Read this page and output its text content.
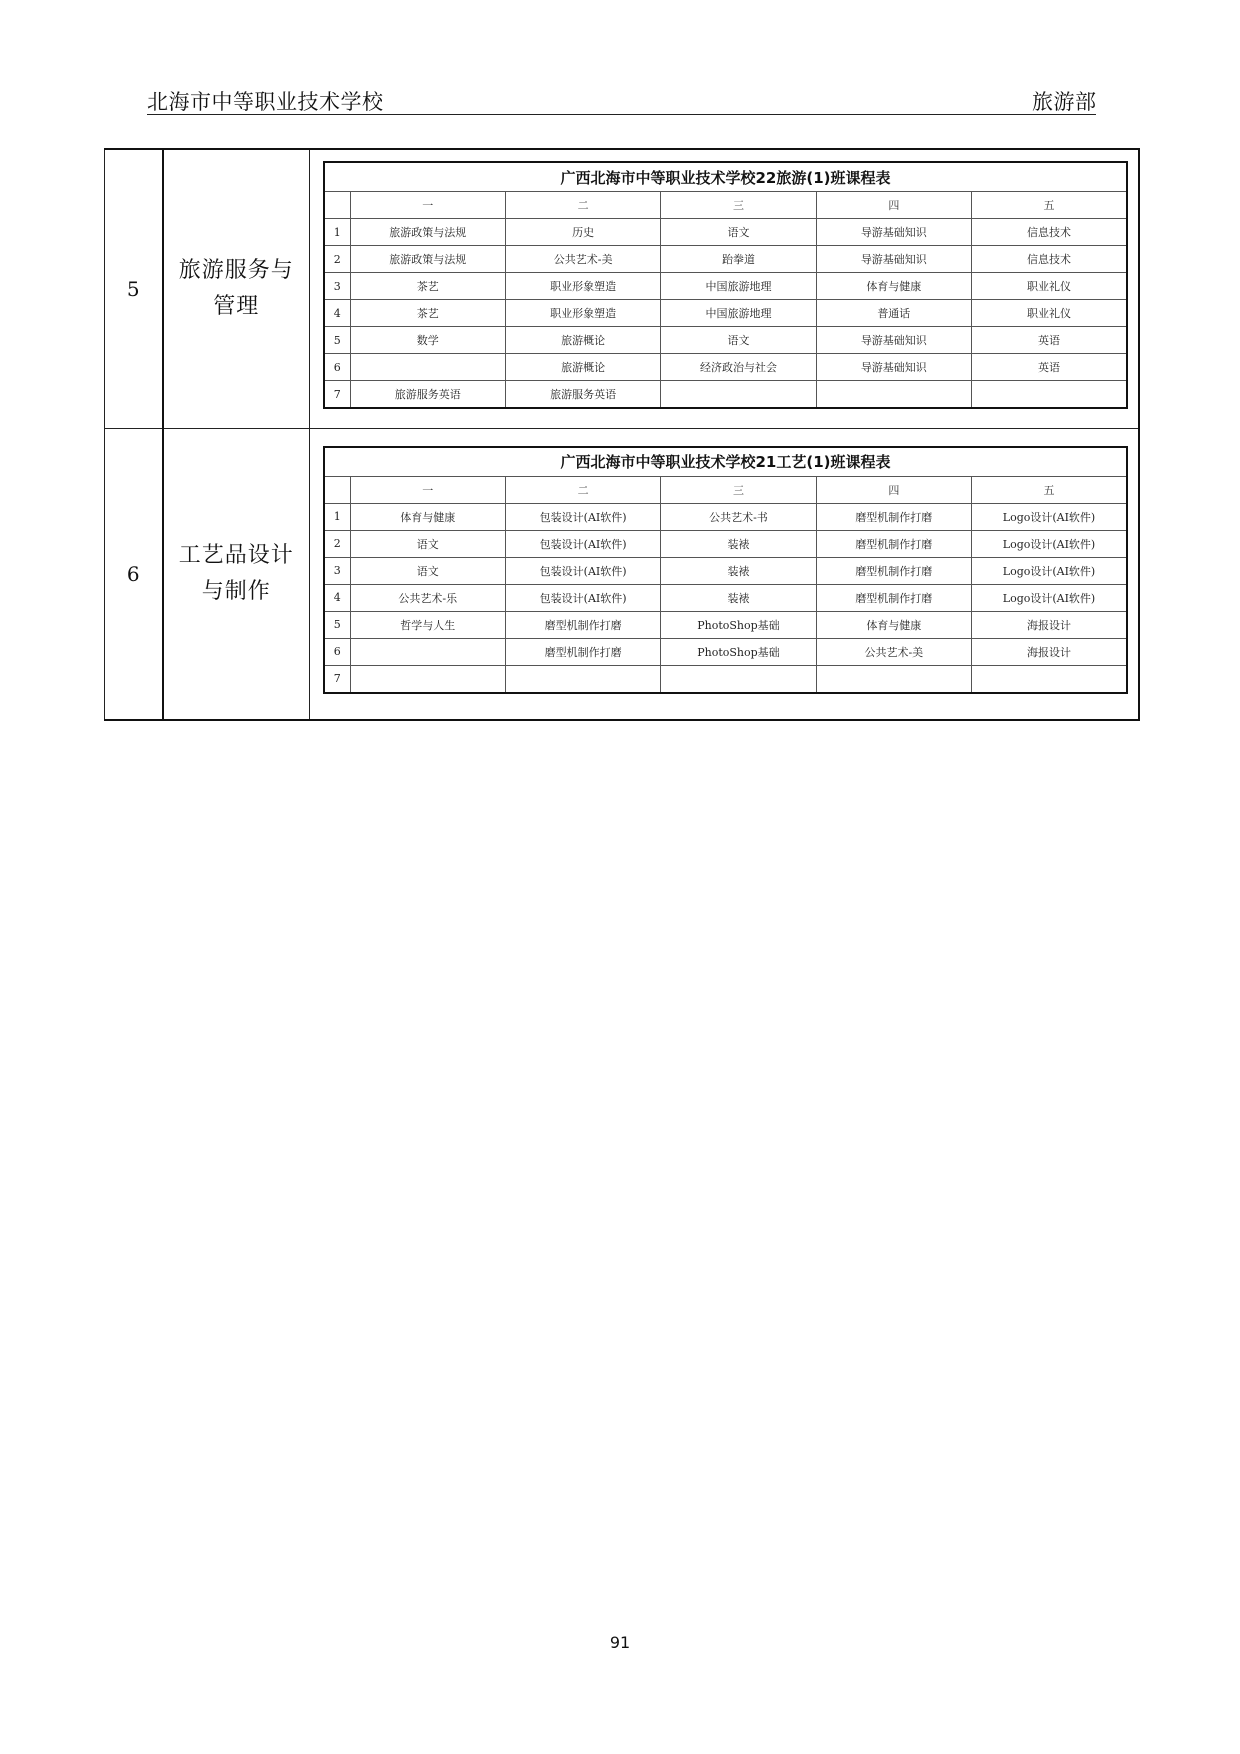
北海市中等职业技术学校	旅游部
5	
旅游服务与
管理

广西北海市中等职业技术学校22旅游(1)班课程表
	一	二	三	四	五
1	旅游政策与法规	历史	语文	导游基础知识	信息技术
2	旅游政策与法规	公共艺术-美	跆拳道	导游基础知识	信息技术
3	茶艺	职业形象塑造	中国旅游地理	体育与健康	职业礼仪
4	茶艺	职业形象塑造	中国旅游地理	普通话	职业礼仪
5	数学	旅游概论	语文	导游基础知识	英语
6		旅游概论	经济政治与社会	导游基础知识	英语
7	旅游服务英语	旅游服务英语			

6	
工艺品设计
与制作

广西北海市中等职业技术学校21工艺(1)班课程表
	一	二	三	四	五
1	体育与健康	包装设计(AI软件)	公共艺术-书	磨型机制作打磨	Logo设计(AI软件)
2	语文	包装设计(AI软件)	装裱	磨型机制作打磨	Logo设计(AI软件)
3	语文	包装设计(AI软件)	装裱	磨型机制作打磨	Logo设计(AI软件)
4	公共艺术-乐	包装设计(AI软件)	装裱	磨型机制作打磨	Logo设计(AI软件)
5	哲学与人生	磨型机制作打磨	PhotoShop基础	体育与健康	海报设计
6		磨型机制作打磨	PhotoShop基础	公共艺术-美	海报设计
7					
91
